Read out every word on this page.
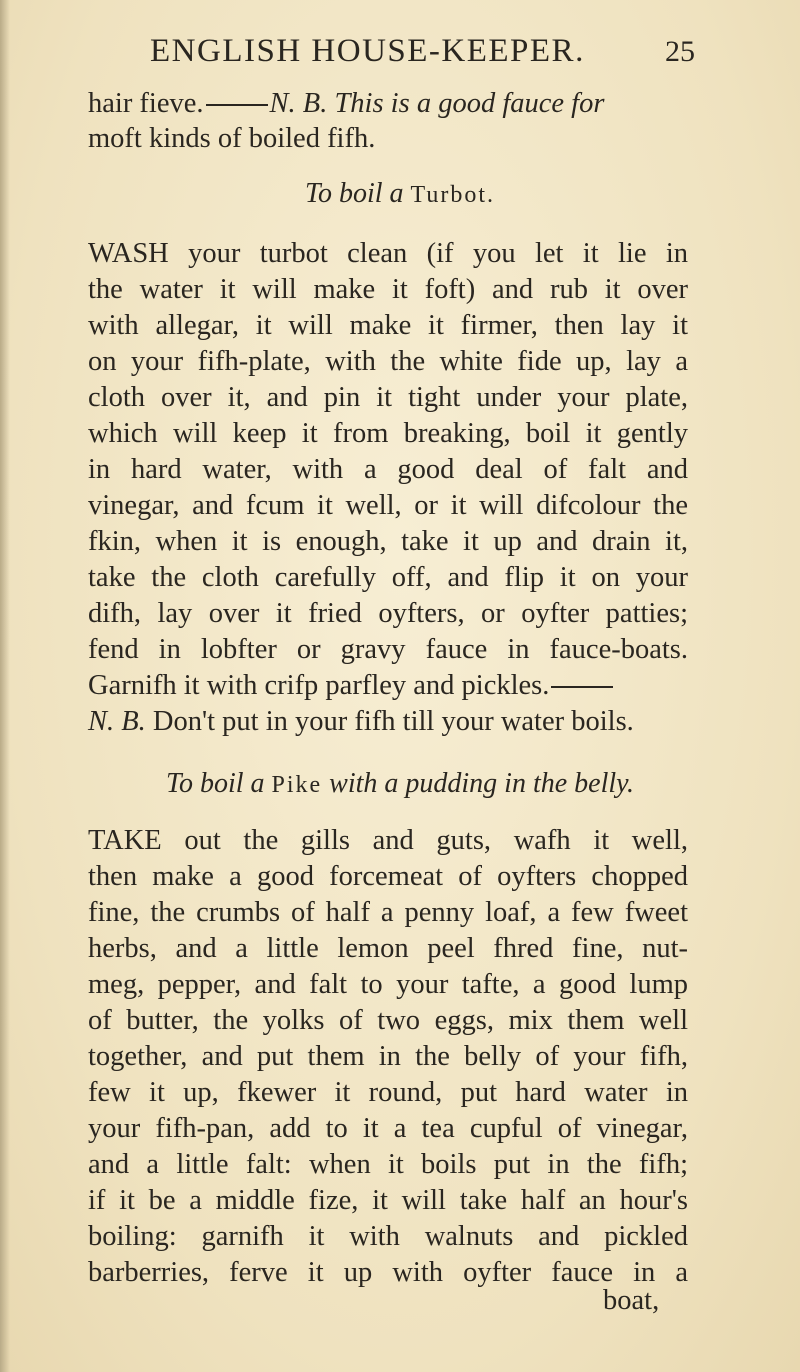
ENGLISH HOUSE-KEEPER.	25
hair fieve. N. B. This is a good fauce for
moft kinds of boiled fifh.
To boil a Turbot.
WASH your turbot clean (if you let it lie in
the water it will make it foft) and rub it over
with allegar, it will make it firmer, then lay it
on your fifh-plate, with the white fide up, lay a
cloth over it, and pin it tight under your plate,
which will keep it from breaking, boil it gently
in hard water, with a good deal of falt and
vinegar, and fcum it well, or it will difcolour the
fkin, when it is enough, take it up and drain it,
take the cloth carefully off, and flip it on your
difh, lay over it fried oyfters, or oyfter patties;
fend in lobfter or gravy fauce in fauce-boats.
Garnifh it with crifp parfley and pickles.
N. B. Don't put in your fifh till your water boils.
To boil a Pike with a pudding in the belly.
TAKE out the gills and guts, wafh it well,
then make a good forcemeat of oyfters chopped
fine, the crumbs of half a penny loaf, a few fweet
herbs, and a little lemon peel fhred fine, nut-
meg, pepper, and falt to your tafte, a good lump
of butter, the yolks of two eggs, mix them well
together, and put them in the belly of your fifh,
few it up, fkewer it round, put hard water in
your fifh-pan, add to it a tea cupful of vinegar,
and a little falt: when it boils put in the fifh;
if it be a middle fize, it will take half an hour's
boiling: garnifh it with walnuts and pickled
barberries, ferve it up with oyfter fauce in a
boat,
